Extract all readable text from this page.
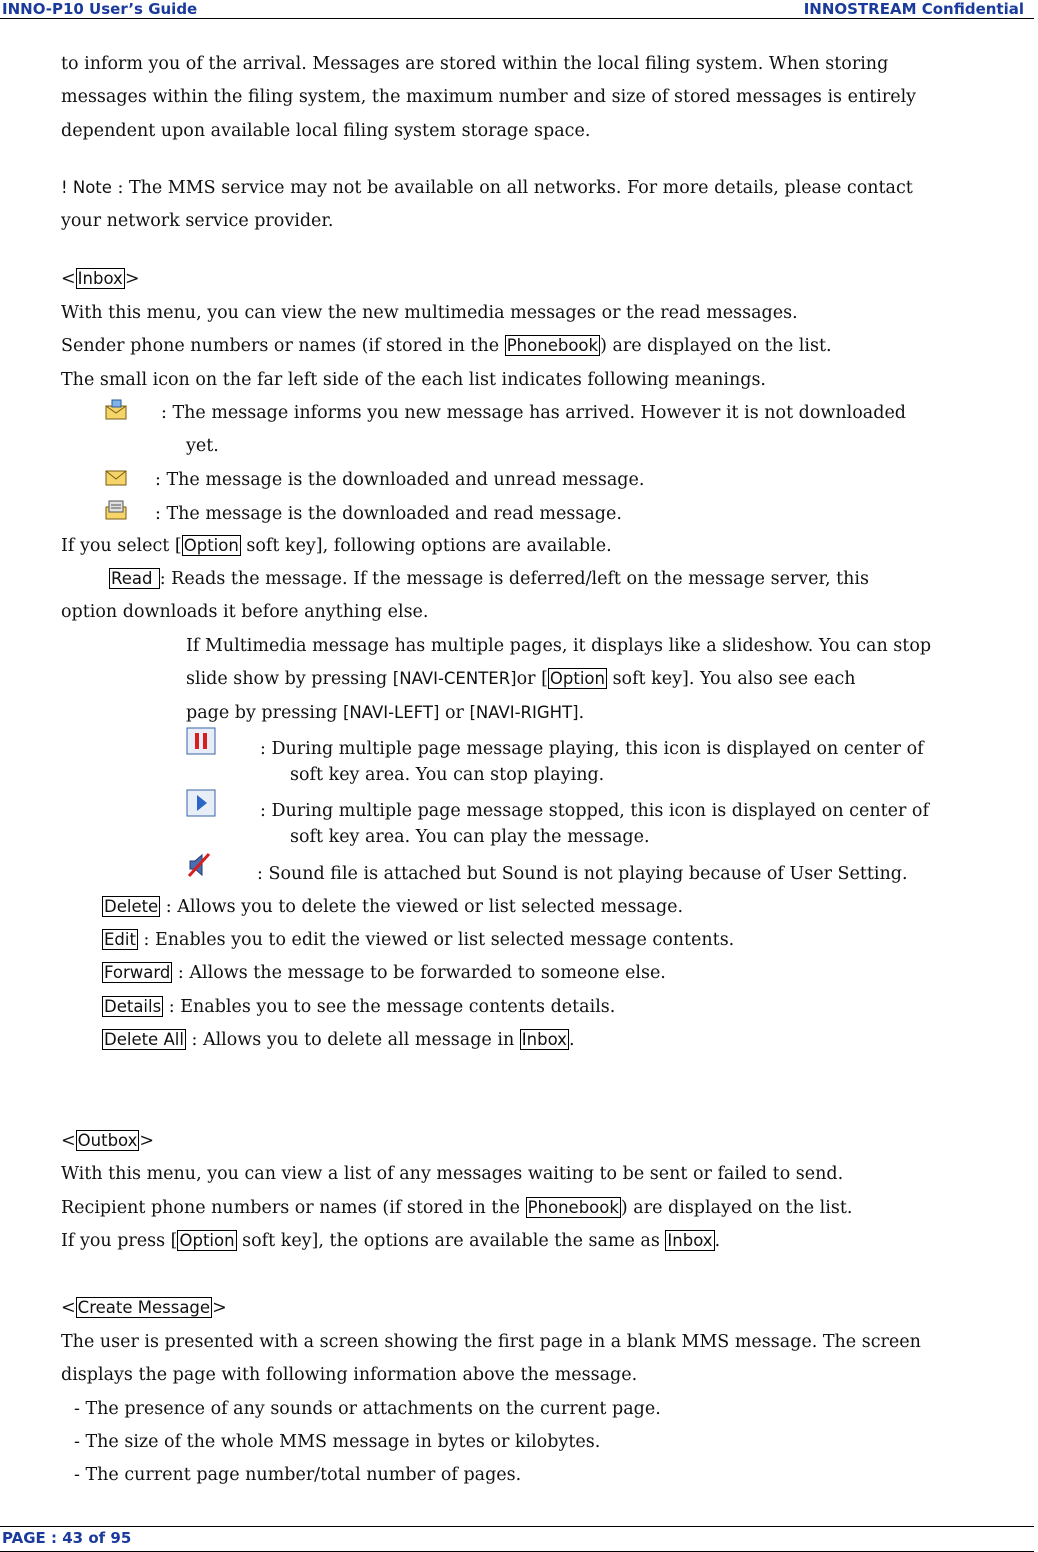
INNO-P10 User’s Guide	INNOSTREAM Confidential
to inform you of the arrival. Messages are stored within the local filing system. When storing
messages within the filing system, the maximum number and size of stored messages is entirely
dependent upon available local filing system storage space.
! Note : The MMS service may not be available on all networks. For more details, please contact
your network service provider.
< Inbox >
With this menu, you can view the new multimedia messages or the read messages.
Sender phone numbers or names (if stored in the Phonebook ) are displayed on the list.
The small icon on the far left side of the each list indicates following meanings.
: The message informs you new message has arrived. However it is not downloaded
yet.
: The message is the downloaded and unread message.
: The message is the downloaded and read message.
If you select [ Option soft key], following options are available.
Read : Reads the message. If the message is deferred/left on the message server, this
option downloads it before anything else.
If Multimedia message has multiple pages, it displays like a slideshow. You can stop
slide show by pressing [NAVI-CENTER]or [ Option soft key]. You also see each
page by pressing [NAVI-LEFT] or [NAVI-RIGHT].
: During multiple page message playing, this icon is displayed on center of
soft key area. You can stop playing.
: During multiple page message stopped, this icon is displayed on center of
soft key area. You can play the message.
: Sound file is attached but Sound is not playing because of User Setting.
Delete : Allows you to delete the viewed or list selected message.
Edit : Enables you to edit the viewed or list selected message contents.
Forward : Allows the message to be forwarded to someone else.
Details : Enables you to see the message contents details.
Delete All : Allows you to delete all message in Inbox .
< Outbox >
With this menu, you can view a list of any messages waiting to be sent or failed to send.
Recipient phone numbers or names (if stored in the Phonebook ) are displayed on the list.
If you press [ Option soft key], the options are available the same as Inbox .
< Create Message >
The user is presented with a screen showing the first page in a blank MMS message. The screen
displays the page with following information above the message.
- The presence of any sounds or attachments on the current page.
- The size of the whole MMS message in bytes or kilobytes.
- The current page number/total number of pages.
PAGE : 43 of 95
